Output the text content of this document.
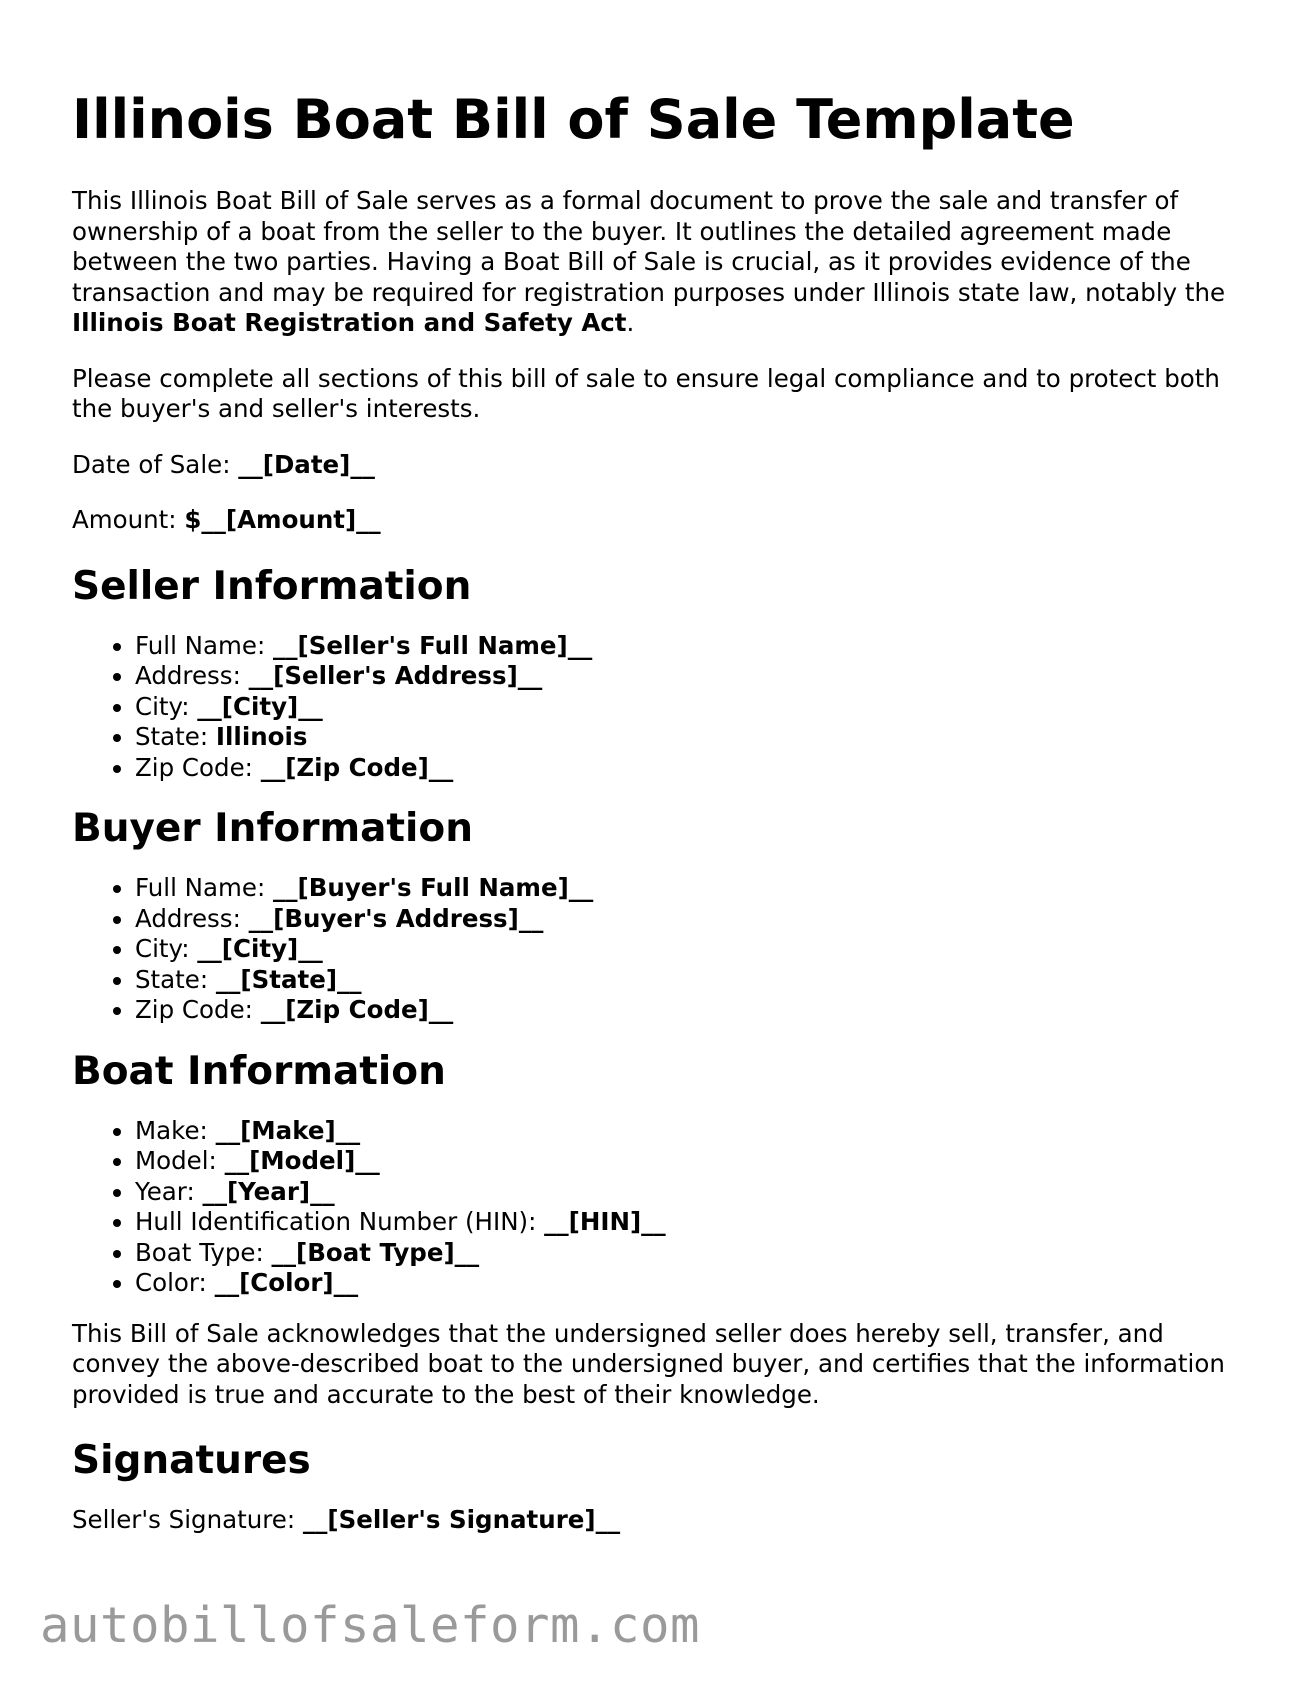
Illinois Boat Bill of Sale Template

This Illinois Boat Bill of Sale serves as a formal document to prove the sale and transfer of ownership of a boat from the seller to the buyer. It outlines the detailed agreement made between the two parties. Having a Boat Bill of Sale is crucial, as it provides evidence of the transaction and may be required for registration purposes under Illinois state law, notably the Illinois Boat Registration and Safety Act.

Please complete all sections of this bill of sale to ensure legal compliance and to protect both the buyer's and seller's interests.

Date of Sale: __[Date]__

Amount: $__[Amount]__

Seller Information
• Full Name: __[Seller's Full Name]__
• Address: __[Seller's Address]__
• City: __[City]__
• State: Illinois
• Zip Code: __[Zip Code]__
Buyer Information
• Full Name: __[Buyer's Full Name]__
• Address: __[Buyer's Address]__
• City: __[City]__
• State: __[State]__
• Zip Code: __[Zip Code]__
Boat Information
• Make: __[Make]__
• Model: __[Model]__
• Year: __[Year]__
• Hull Identification Number (HIN): __[HIN]__
• Boat Type: __[Boat Type]__
• Color: __[Color]__

This Bill of Sale acknowledges that the undersigned seller does hereby sell, transfer, and convey the above-described boat to the undersigned buyer, and certifies that the information provided is true and accurate to the best of their knowledge.

Signatures

Seller's Signature: __[Seller's Signature]__

autobillofsaleform.com
